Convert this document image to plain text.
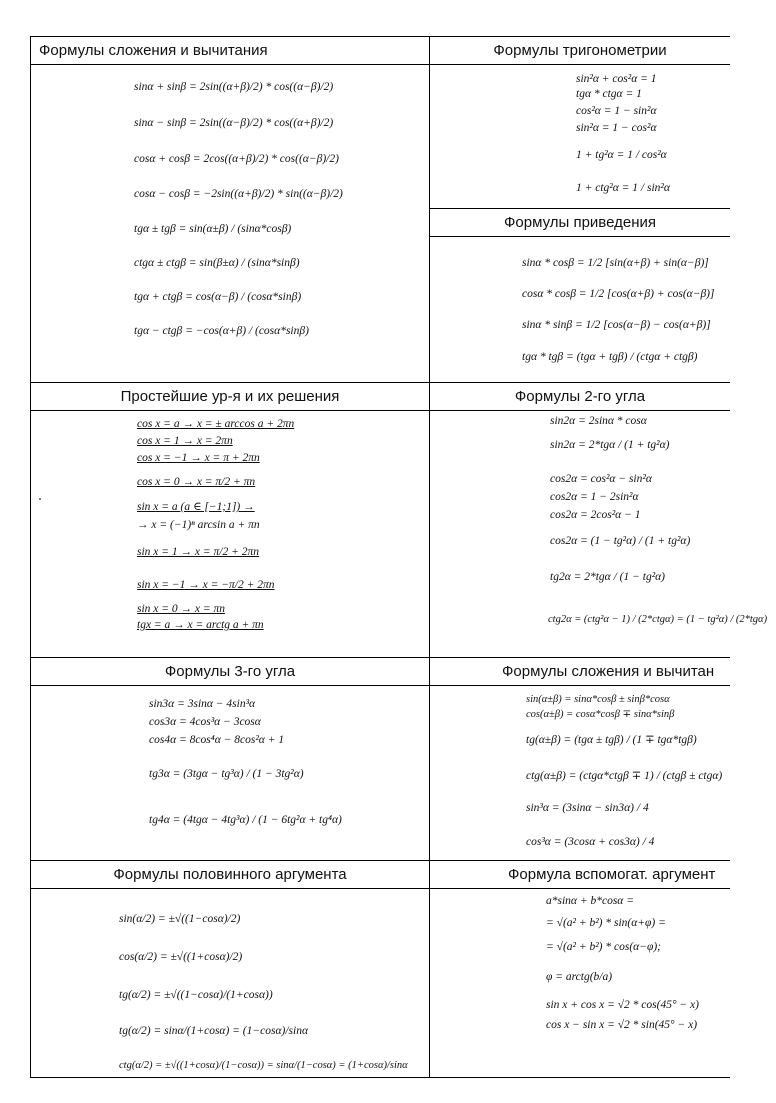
Формулы сложения и вычитания
sinα + sinβ = 2sin((α+β)/2) * cos((α−β)/2)
sinα − sinβ = 2sin((α−β)/2) * cos((α+β)/2)
cosα + cosβ = 2cos((α+β)/2) * cos((α−β)/2)
cosα − cosβ = −2sin((α+β)/2) * sin((α−β)/2)
tgα ± tgβ = sin(α±β) / (sinα*cosβ)
ctgα ± ctgβ = sin(β±α) / (sinα*sinβ)
tgα + ctgβ = cos(α−β) / (cosα*sinβ)
tgα − ctgβ = −cos(α+β) / (cosα*sinβ)
Формулы тригонометрии
sin²α + cos²α = 1
tgα * ctgα = 1
cos²α = 1 − sin²α
sin²α = 1 − cos²α
1 + tg²α = 1 / cos²α
1 + ctg²α = 1 / sin²α
Формулы приведения
sinα * cosβ = 1/2 [sin(α+β) + sin(α−β)]
cosα * cosβ = 1/2 [cos(α+β) + cos(α−β)]
sinα * sinβ = 1/2 [cos(α−β) − cos(α+β)]
tgα * tgβ = (tgα + tgβ) / (ctgα + ctgβ)
Простейшие ур-я и их решения
cos x = a → x = ± arccos a + 2πn
cos x = 1 → x = 2πn
cos x = −1 → x = π + 2πn
cos x = 0 → x = π/2 + πn
sin x = a (a ∈ [−1;1]) →
→ x = (−1)ⁿ arcsin a + πn
sin x = 1 → x = π/2 + 2πn
sin x = −1 → x = −π/2 + 2πn
sin x = 0 → x = πn
tgx = a → x = arctg a + πn
Формулы 2-го угла
sin2α = 2sinα * cosα
sin2α = 2*tgα / (1 + tg²α)
cos2α = cos²α − sin²α
cos2α = 1 − 2sin²α
cos2α = 2cos²α − 1
cos2α = (1 − tg²α) / (1 + tg²α)
tg2α = 2*tgα / (1 − tg²α)
ctg2α = (ctg²α − 1) / (2*ctgα) = (1 − tg²α) / (2*tgα)
Формулы 3-го угла
sin3α = 3sinα − 4sin³α
cos3α = 4cos³α − 3cosα
cos4α = 8cos⁴α − 8cos²α + 1
tg3α = (3tgα − tg³α) / (1 − 3tg²α)
tg4α = (4tgα − 4tg³α) / (1 − 6tg²α + tg⁴α)
Формулы сложения и вычитан
sin(α±β) = sinα*cosβ ± sinβ*cosα
cos(α±β) = cosα*cosβ ∓ sinα*sinβ
tg(α±β) = (tgα ± tgβ) / (1 ∓ tgα*tgβ)
ctg(α±β) = (ctgα*ctgβ ∓ 1) / (ctgβ ± ctgα)
sin³α = (3sinα − sin3α) / 4
cos³α = (3cosα + cos3α) / 4
Формулы половинного аргумента
sin(α/2) = ±√((1−cosα)/2)
cos(α/2) = ±√((1+cosα)/2)
tg(α/2) = ±√((1−cosα)/(1+cosα))
tg(α/2) = sinα/(1+cosα) = (1−cosα)/sinα
ctg(α/2) = ±√((1+cosα)/(1−cosα)) = sinα/(1−cosα) = (1+cosα)/sinα
Формула вспомогат. аргумент
a*sinα + b*cosα =
= √(a² + b²) * sin(α+φ) =
= √(a² + b²) * cos(α−φ);
φ = arctg(b/a)
sin x + cos x = √2 * cos(45° − x)
cos x − sin x = √2 * sin(45° − x)
